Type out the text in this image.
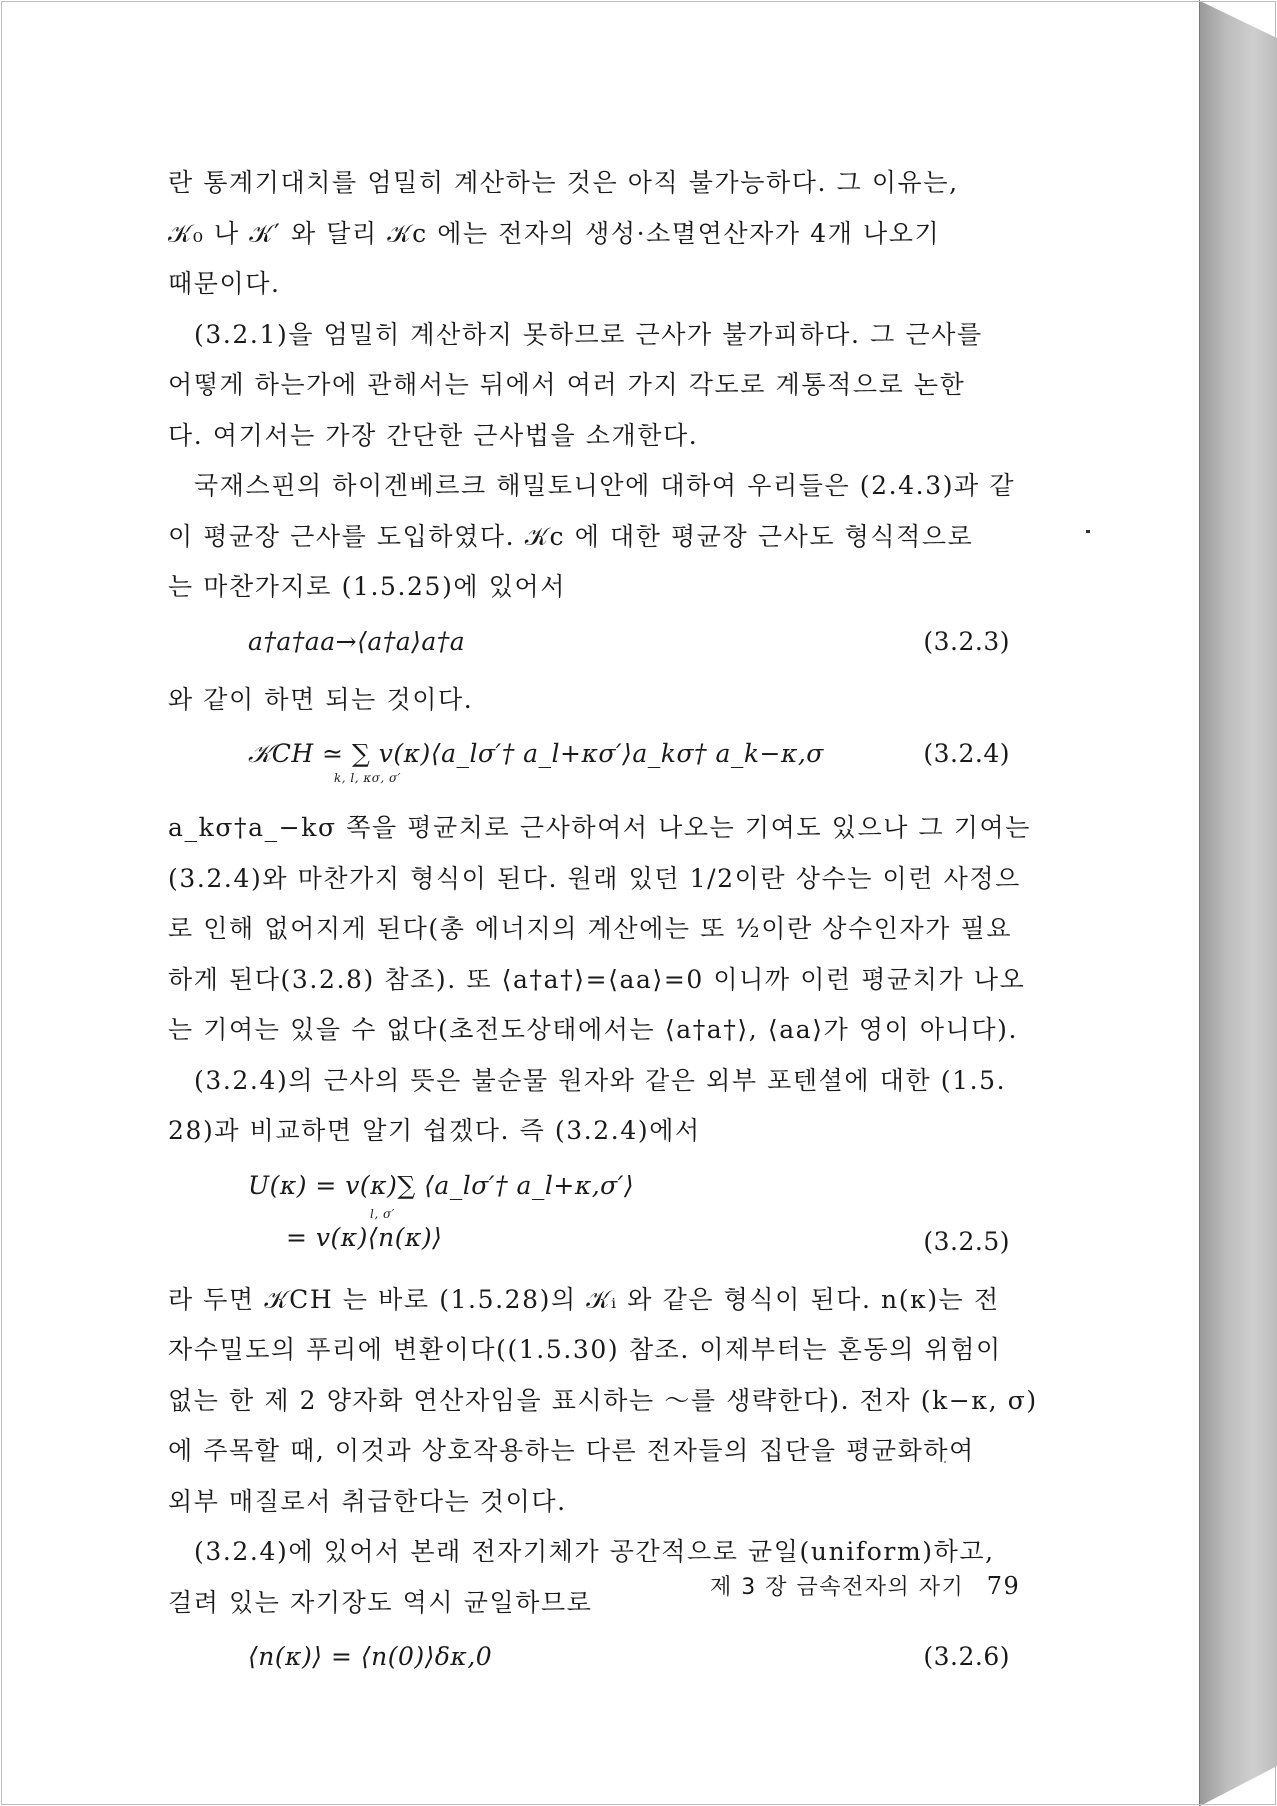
란 통계기대치를 엄밀히 계산하는 것은 아직 불가능하다. 그 이유는,

𝒦₀ 나 𝒦′ 와 달리 𝒦c 에는 전자의 생성·소멸연산자가 4개 나오기

때문이다.

(3.2.1)을 엄밀히 계산하지 못하므로 근사가 불가피하다. 그 근사를

어떻게 하는가에 관해서는 뒤에서 여러 가지 각도로 계통적으로 논한

다. 여기서는 가장 간단한 근사법을 소개한다.

국재스핀의 하이겐베르크 해밀토니안에 대하여 우리들은 (2.4.3)과 같

이 평균장 근사를 도입하였다. 𝒦c 에 대한 평균장 근사도 형식적으로

는 마찬가지로 (1.5.25)에 있어서

a†a†aa→⟨a†a⟩a†a	(3.2.3)

와 같이 하면 되는 것이다.

𝒦CH ≃ ∑ v(κ)⟨a_lσ′† a_l+κσ′⟩a_kσ† a_k−κ,σ
k, l, κσ, σ′
(3.2.4)

a_kσ†a_−kσ 쪽을 평균치로 근사하여서 나오는 기여도 있으나 그 기여는

(3.2.4)와 마찬가지 형식이 된다. 원래 있던 1/2이란 상수는 이런 사정으

로 인해 없어지게 된다(총 에너지의 계산에는 또 ½이란 상수인자가 필요

하게 된다(3.2.8) 참조). 또 ⟨a†a†⟩=⟨aa⟩=0 이니까 이런 평균치가 나오

는 기여는 있을 수 없다(초전도상태에서는 ⟨a†a†⟩, ⟨aa⟩가 영이 아니다).

(3.2.4)의 근사의 뜻은 불순물 원자와 같은 외부 포텐셜에 대한 (1.5.

28)과 비교하면 알기 쉽겠다. 즉 (3.2.4)에서

U(κ) = v(κ)∑ ⟨a_lσ′† a_l+κ,σ′⟩
l, σ′
= v(κ)⟨n(κ)⟩	(3.2.5)

라 두면 𝒦CH 는 바로 (1.5.28)의 𝒦ᵢ 와 같은 형식이 된다. n(κ)는 전

자수밀도의 푸리에 변환이다((1.5.30) 참조. 이제부터는 혼동의 위험이

없는 한 제 2 양자화 연산자임을 표시하는 ～를 생략한다). 전자 (k−κ, σ)

에 주목할 때, 이것과 상호작용하는 다른 전자들의 집단을 평균화하여

외부 매질로서 취급한다는 것이다.

(3.2.4)에 있어서 본래 전자기체가 공간적으로 균일(uniform)하고,

걸려 있는 자기장도 역시 균일하므로

⟨n(κ)⟩ = ⟨n(0)⟩δκ,0	(3.2.6)
제 3 장 금속전자의 자기 79
